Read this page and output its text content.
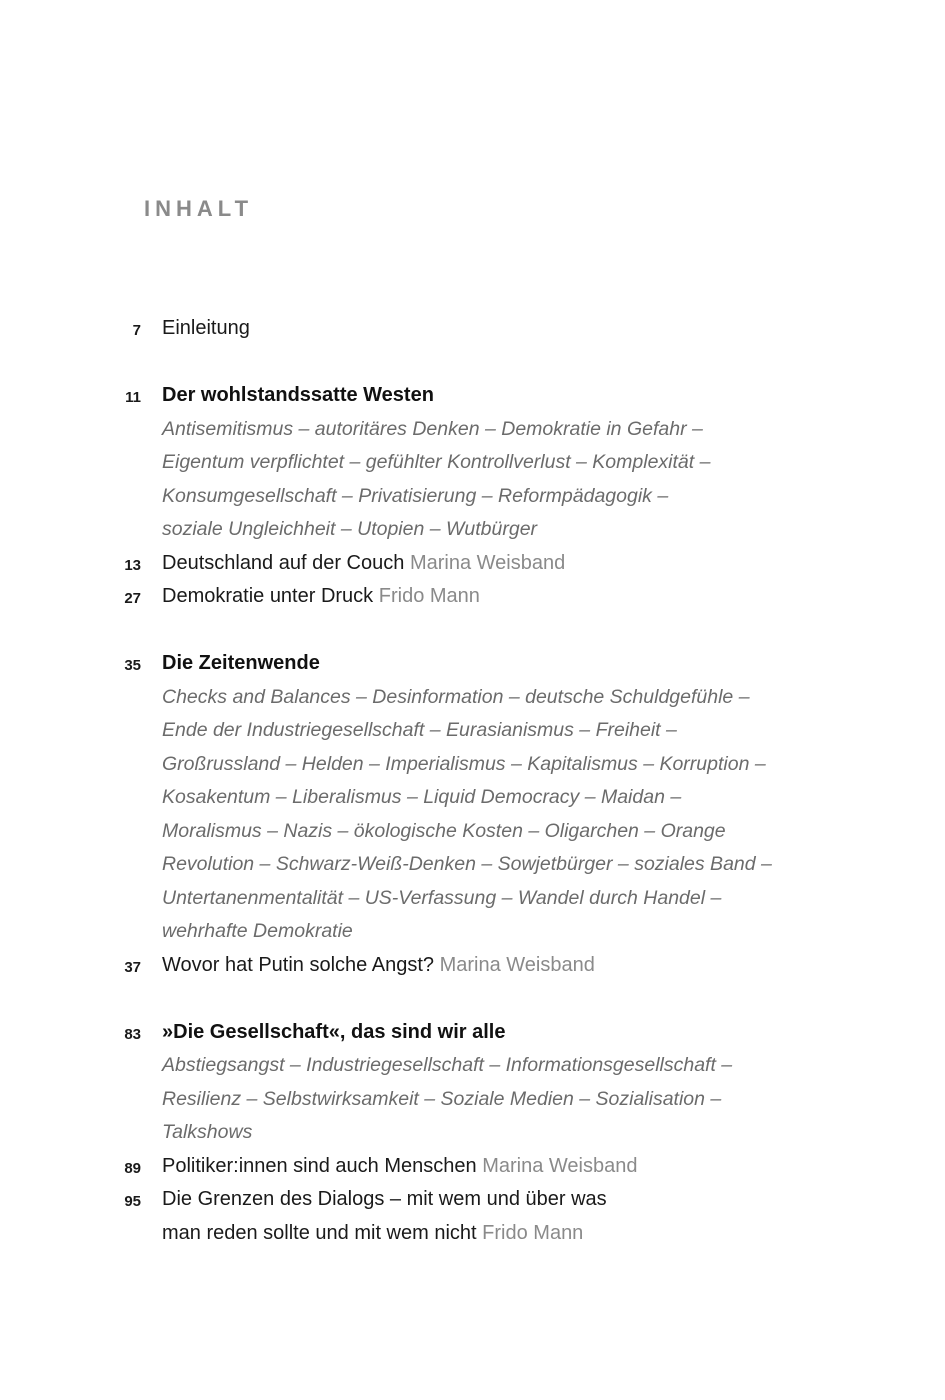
INHALT
7 Einleitung
11 Der wohlstandssatte Westen
Antisemitismus – autoritäres Denken – Demokratie in Gefahr –
Eigentum verpflichtet – gefühlter Kontrollverlust – Komplexität –
Konsumgesellschaft – Privatisierung – Reformpädagogik –
soziale Ungleichheit – Utopien – Wutbürger
13 Deutschland auf der Couch Marina Weisband
27 Demokratie unter Druck Frido Mann
35 Die Zeitenwende
Checks and Balances – Desinformation – deutsche Schuldgefühle –
Ende der Industriegesellschaft – Eurasianismus – Freiheit –
Großrussland – Helden – Imperialismus – Kapitalismus – Korruption –
Kosakentum – Liberalismus – Liquid Democracy – Maidan –
Moralismus – Nazis – ökologische Kosten – Oligarchen – Orange
Revolution – Schwarz-Weiß-Denken – Sowjetbürger – soziales Band –
Untertanenmentalität – US-Verfassung – Wandel durch Handel –
wehrhafte Demokratie
37 Wovor hat Putin solche Angst? Marina Weisband
83 »Die Gesellschaft«, das sind wir alle
Abstiegsangst – Industriegesellschaft – Informationsgesellschaft –
Resilienz – Selbstwirksamkeit – Soziale Medien – Sozialisation –
Talkshows
89 Politiker:innen sind auch Menschen Marina Weisband
95 Die Grenzen des Dialogs – mit wem und über was
man reden sollte und mit wem nicht Frido Mann
